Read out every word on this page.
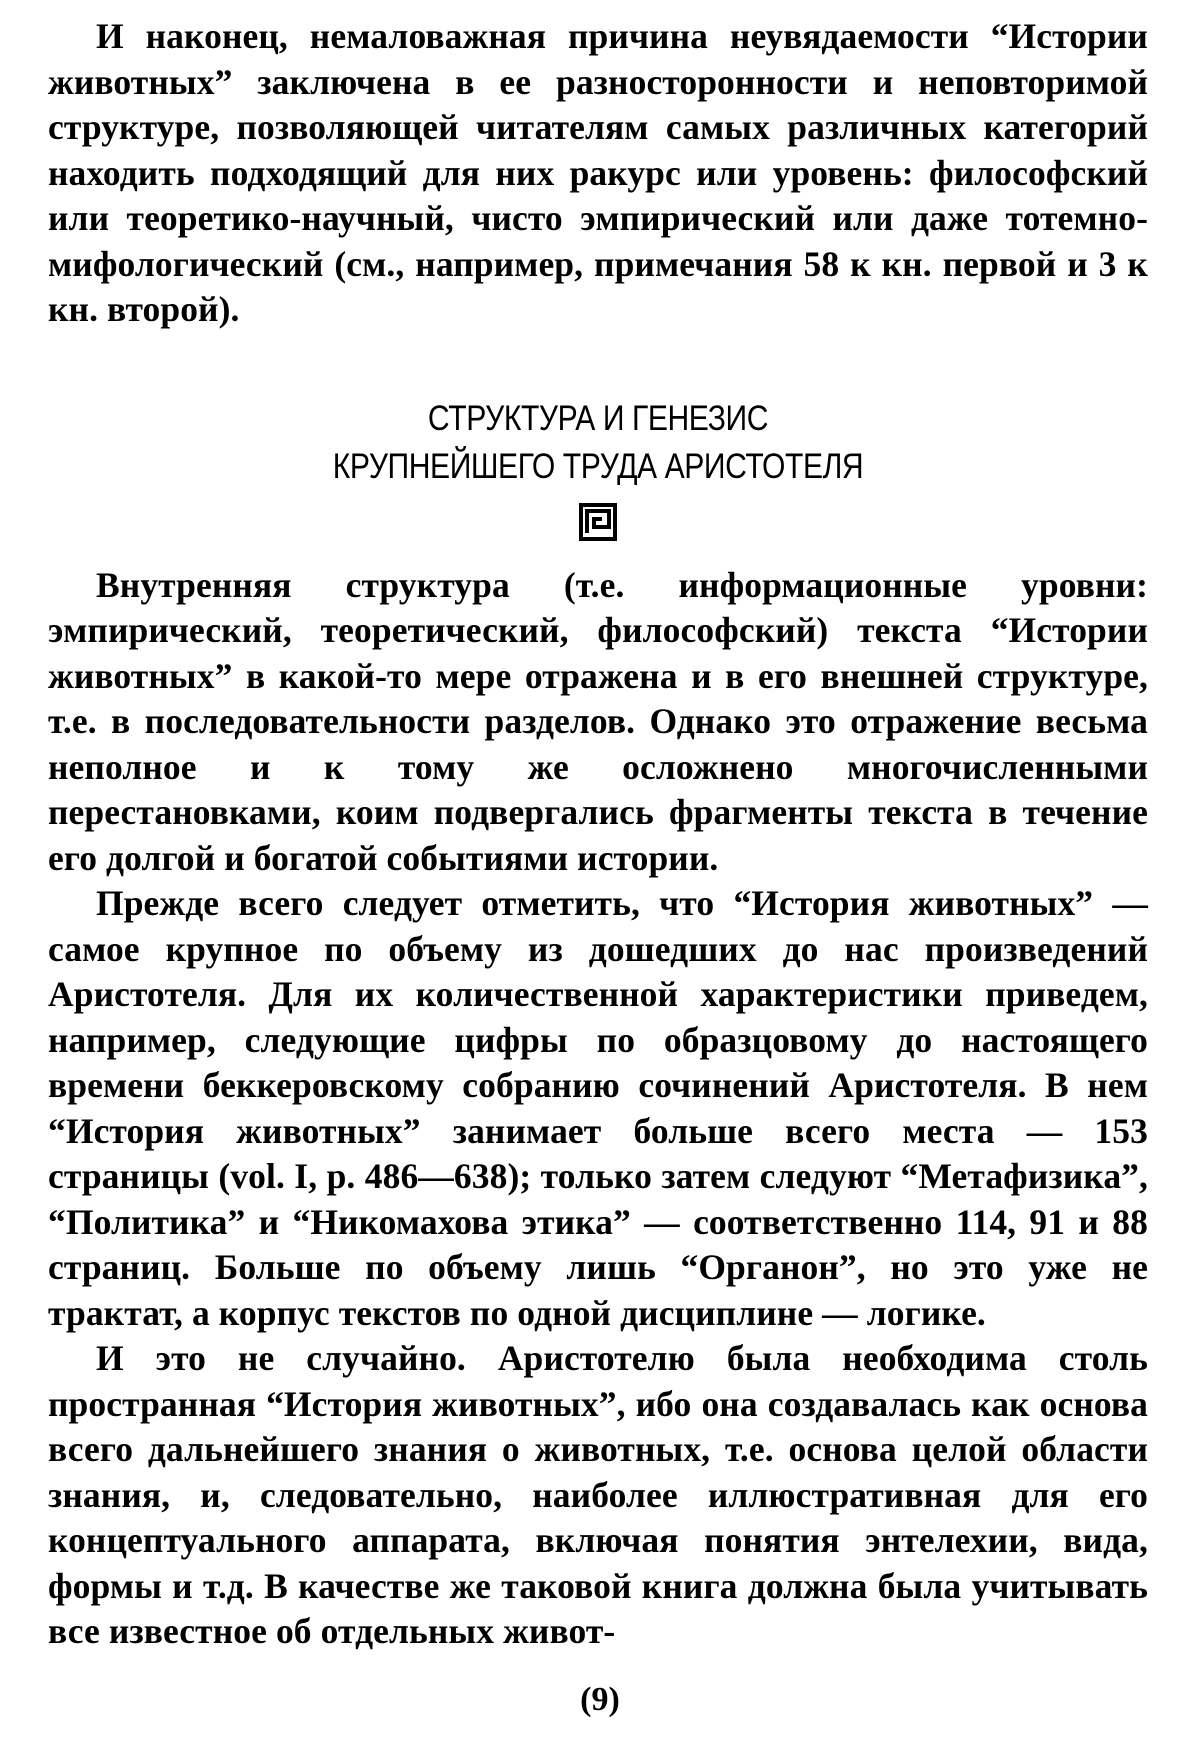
И наконец, немаловажная причина неувядаемости “Истории животных” заключена в ее разносторонности и неповторимой структуре, позволяющей читателям самых различных категорий находить подходящий для них ракурс или уровень: философский или теоретико-научный, чисто эмпирический или даже тотемно-мифологический (см., например, примечания 58 к кн. первой и 3 к кн. второй).

СТРУКТУРА И ГЕНЕЗИС
КРУПНЕЙШЕГО ТРУДА АРИСТОТЕЛЯ

Внутренняя структура (т.е. информационные уровни: эмпирический, теоретический, философский) текста “Истории животных” в какой-то мере отражена и в его внешней структуре, т.е. в последовательности разделов. Однако это отражение весьма неполное и к тому же осложнено многочисленными перестановками, коим подвергались фрагменты текста в течение его долгой и богатой событиями истории.

Прежде всего следует отметить, что “История животных” — самое крупное по объему из дошедших до нас произведений Аристотеля. Для их количественной характеристики приведем, например, следующие цифры по образцовому до настоящего времени беккеровскому собранию сочинений Аристотеля. В нем “История животных” занимает больше всего места — 153 страницы (vol. I, p. 486—638); только затем следуют “Метафизика”, “Политика” и “Никомахова этика” — соответственно 114, 91 и 88 страниц. Больше по объему лишь “Органон”, но это уже не трактат, а корпус текстов по одной дисциплине — логике.

И это не случайно. Аристотелю была необходима столь пространная “История животных”, ибо она создавалась как основа всего дальнейшего знания о животных, т.е. основа целой области знания, и, следовательно, наиболее иллюстративная для его концептуального аппарата, включая понятия энтелехии, вида, формы и т.д. В качестве же таковой книга должна была учитывать все известное об отдельных живот-

(9)
